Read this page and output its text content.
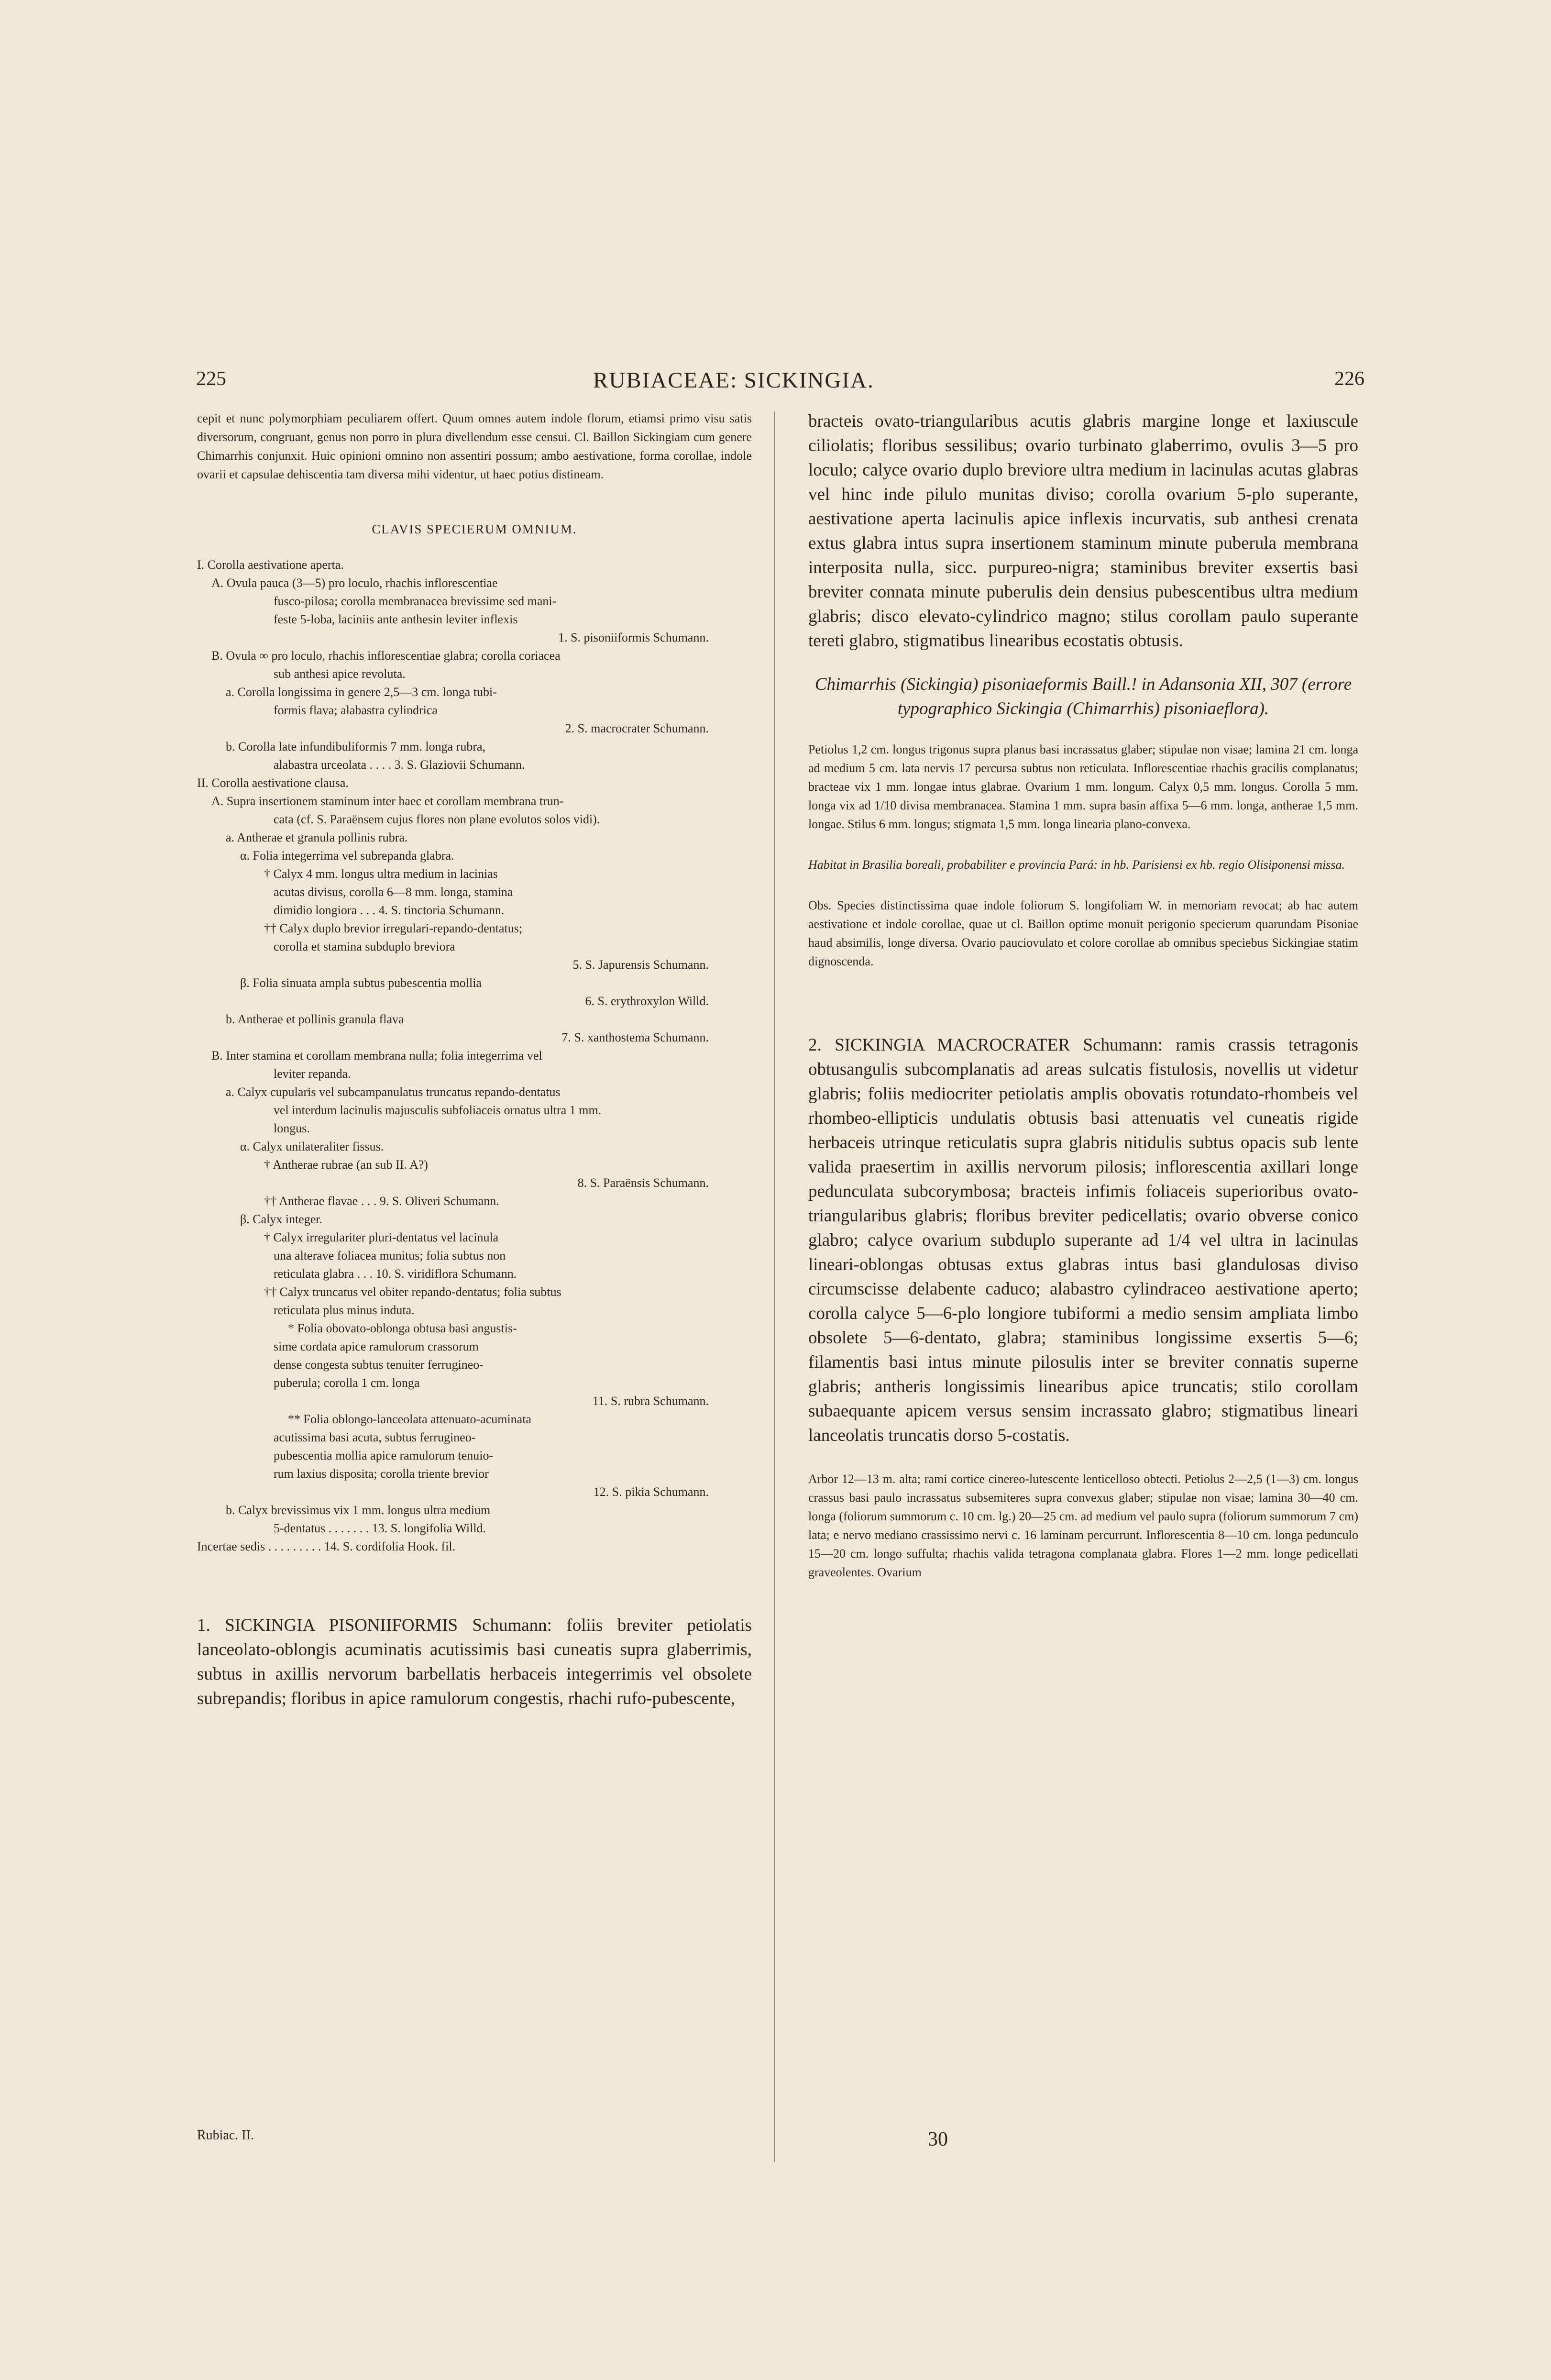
225	RUBIACEAE: SICKINGIA.	226
cepit et nunc polymorphiam peculiarem offert. Quum omnes autem indole florum, etiamsi primo visu satis diversorum, congruant, genus non porro in plura divellendum esse censui. Cl. Baillon Sickingiam cum genere Chimarrhis conjunxit. Huic opinioni omnino non assentiri possum; ambo aestivatione, forma corollae, indole ovarii et capsulae dehiscentia tam diversa mihi videntur, ut haec potius distineam.
CLAVIS SPECIERUM OMNIUM.
I. Corolla aestivatione aperta.
A. Ovula pauca (3—5) pro loculo, rhachis inflorescentiae
fusco-pilosa; corolla membranacea brevissime sed mani-
feste 5-loba, laciniis ante anthesin leviter inflexis
1. S. pisoniiformis Schumann.
B. Ovula ∞ pro loculo, rhachis inflorescentiae glabra; corolla coriacea
sub anthesi apice revoluta.
a. Corolla longissima in genere 2,5—3 cm. longa tubi-
formis flava; alabastra cylindrica
2. S. macrocrater Schumann.
b. Corolla late infundibuliformis 7 mm. longa rubra,
alabastra urceolata . . . . 3. S. Glaziovii Schumann.
II. Corolla aestivatione clausa.
A. Supra insertionem staminum inter haec et corollam membrana trun-
cata (cf. S. Paraënsem cujus flores non plane evolutos solos vidi).
a. Antherae et granula pollinis rubra.
α. Folia integerrima vel subrepanda glabra.
† Calyx 4 mm. longus ultra medium in lacinias
acutas divisus, corolla 6—8 mm. longa, stamina
dimidio longiora . . . 4. S. tinctoria Schumann.
†† Calyx duplo brevior irregulari-repando-dentatus;
corolla et stamina subduplo breviora
5. S. Japurensis Schumann.
β. Folia sinuata ampla subtus pubescentia mollia
6. S. erythroxylon Willd.
b. Antherae et pollinis granula flava
7. S. xanthostema Schumann.
B. Inter stamina et corollam membrana nulla; folia integerrima vel
leviter repanda.
a. Calyx cupularis vel subcampanulatus truncatus repando-dentatus
vel interdum lacinulis majusculis subfoliaceis ornatus ultra 1 mm.
longus.
α. Calyx unilateraliter fissus.
† Antherae rubrae (an sub II. A?)
8. S. Paraënsis Schumann.
†† Antherae flavae . . . 9. S. Oliveri Schumann.
β. Calyx integer.
† Calyx irregulariter pluri-dentatus vel lacinula
una alterave foliacea munitus; folia subtus non
reticulata glabra . . . 10. S. viridiflora Schumann.
†† Calyx truncatus vel obiter repando-dentatus; folia subtus
reticulata plus minus induta.
* Folia obovato-oblonga obtusa basi angustis-
sime cordata apice ramulorum crassorum
dense congesta subtus tenuiter ferrugineo-
puberula; corolla 1 cm. longa
11. S. rubra Schumann.
** Folia oblongo-lanceolata attenuato-acuminata
acutissima basi acuta, subtus ferrugineo-
pubescentia mollia apice ramulorum tenuio-
rum laxius disposita; corolla triente brevior
12. S. pikia Schumann.
b. Calyx brevissimus vix 1 mm. longus ultra medium
5-dentatus . . . . . . . 13. S. longifolia Willd.
Incertae sedis . . . . . . . . . 14. S. cordifolia Hook. fil.
1. SICKINGIA PISONIIFORMIS Schumann: foliis breviter petiolatis lanceolato-oblongis acuminatis acutissimis basi cuneatis supra glaberrimis, subtus in axillis nervorum barbellatis herbaceis integerrimis vel obsolete subrepandis; floribus in apice ramulorum congestis, rhachi rufo-pubescente,
bracteis ovato-triangularibus acutis glabris margine longe et laxiuscule ciliolatis; floribus sessilibus; ovario turbinato glaberrimo, ovulis 3—5 pro loculo; calyce ovario duplo breviore ultra medium in lacinulas acutas glabras vel hinc inde pilulo munitas diviso; corolla ovarium 5-plo superante, aestivatione aperta lacinulis apice inflexis incurvatis, sub anthesi crenata extus glabra intus supra insertionem staminum minute puberula membrana interposita nulla, sicc. purpureo-nigra; staminibus breviter exsertis basi breviter connata minute puberulis dein densius pubescentibus ultra medium glabris; disco elevato-cylindrico magno; stilus corollam paulo superante tereti glabro, stigmatibus linearibus ecostatis obtusis.
Chimarrhis (Sickingia) pisoniaeformis Baill.! in Adansonia XII, 307 (errore typographico Sickingia (Chimarrhis) pisoniaeflora).
Petiolus 1,2 cm. longus trigonus supra planus basi incrassatus glaber; stipulae non visae; lamina 21 cm. longa ad medium 5 cm. lata nervis 17 percursa subtus non reticulata. Inflorescentiae rhachis gracilis complanatus; bracteae vix 1 mm. longae intus glabrae. Ovarium 1 mm. longum. Calyx 0,5 mm. longus. Corolla 5 mm. longa vix ad 1/10 divisa membranacea. Stamina 1 mm. supra basin affixa 5—6 mm. longa, antherae 1,5 mm. longae. Stilus 6 mm. longus; stigmata 1,5 mm. longa linearia plano-convexa.
Habitat in Brasilia boreali, probabiliter e provincia Pará: in hb. Parisiensi ex hb. regio Olisiponensi missa.
Obs. Species distinctissima quae indole foliorum S. longifoliam W. in memoriam revocat; ab hac autem aestivatione et indole corollae, quae ut cl. Baillon optime monuit perigonio specierum quarundam Pisoniae haud absimilis, longe diversa. Ovario pauciovulato et colore corollae ab omnibus speciebus Sickingiae statim dignoscenda.
2. SICKINGIA MACROCRATER Schumann: ramis crassis tetragonis obtusangulis subcomplanatis ad areas sulcatis fistulosis, novellis ut videtur glabris; foliis mediocriter petiolatis amplis obovatis rotundato-rhombeis vel rhombeo-ellipticis undulatis obtusis basi attenuatis vel cuneatis rigide herbaceis utrinque reticulatis supra glabris nitidulis subtus opacis sub lente valida praesertim in axillis nervorum pilosis; inflorescentia axillari longe pedunculata subcorymbosa; bracteis infimis foliaceis superioribus ovato-triangularibus glabris; floribus breviter pedicellatis; ovario obverse conico glabro; calyce ovarium subduplo superante ad 1/4 vel ultra in lacinulas lineari-oblongas obtusas extus glabras intus basi glandulosas diviso circumscisse delabente caduco; alabastro cylindraceo aestivatione aperto; corolla calyce 5—6-plo longiore tubiformi a medio sensim ampliata limbo obsolete 5—6-dentato, glabra; staminibus longissime exsertis 5—6; filamentis basi intus minute pilosulis inter se breviter connatis superne glabris; antheris longissimis linearibus apice truncatis; stilo corollam subaequante apicem versus sensim incrassato glabro; stigmatibus lineari lanceolatis truncatis dorso 5-costatis.
Arbor 12—13 m. alta; rami cortice cinereo-lutescente lenticelloso obtecti. Petiolus 2—2,5 (1—3) cm. longus crassus basi paulo incrassatus subsemiteres supra convexus glaber; stipulae non visae; lamina 30—40 cm. longa (foliorum summorum c. 10 cm. lg.) 20—25 cm. ad medium vel paulo supra (foliorum summorum 7 cm) lata; e nervo mediano crassissimo nervi c. 16 laminam percurrunt. Inflorescentia 8—10 cm. longa pedunculo 15—20 cm. longo suffulta; rhachis valida tetragona complanata glabra. Flores 1—2 mm. longe pedicellati graveolentes. Ovarium
Rubiac. II.	30
